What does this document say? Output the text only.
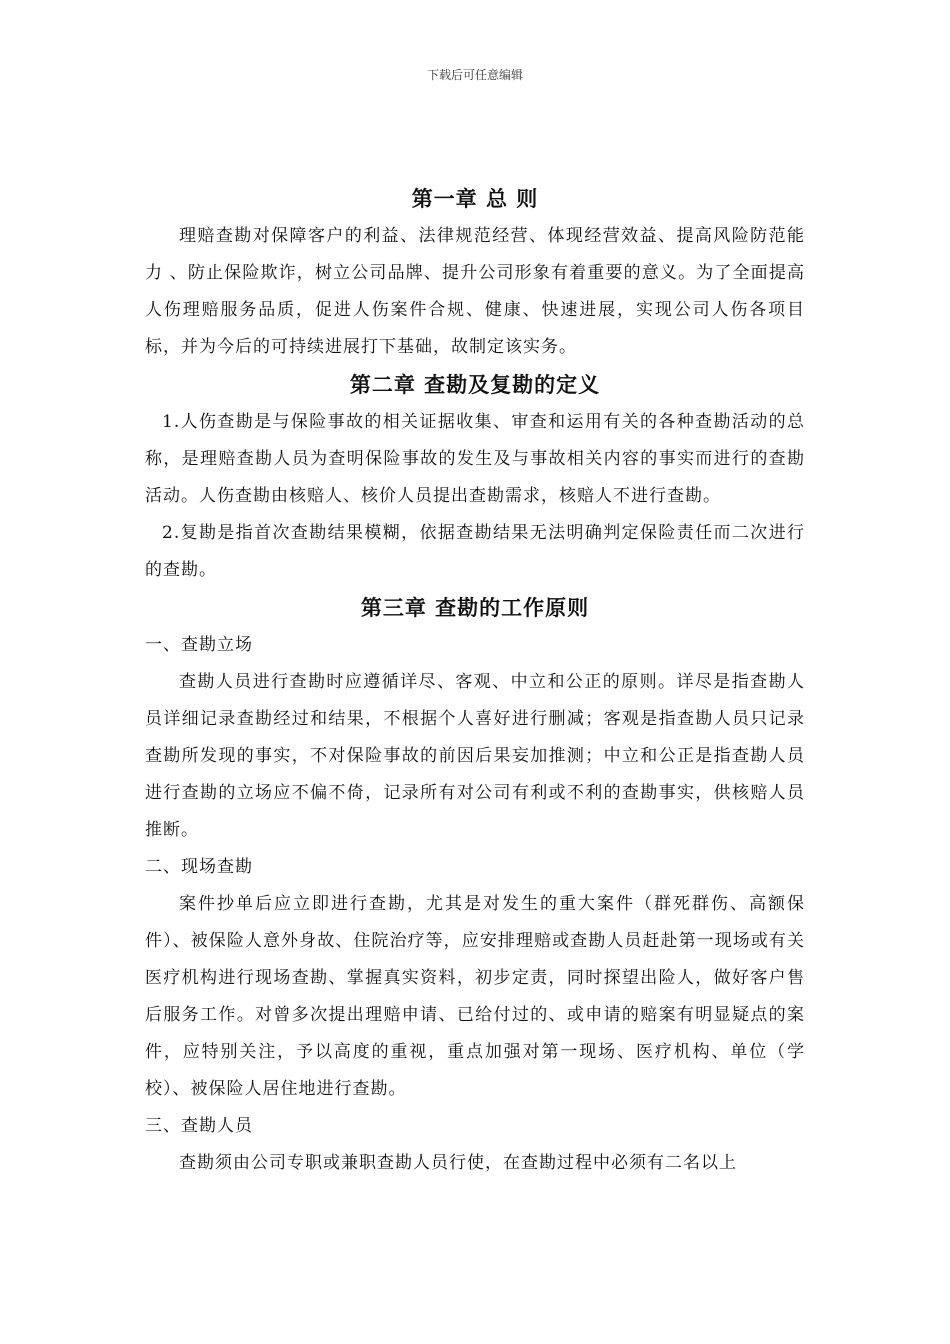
下载后可任意编辑
第一章 总 则

理赔查勘对保障客户的利益、法律规范经营、体现经营效益、提高风险防范能力 、防止保险欺诈，树立公司品牌、提升公司形象有着重要的意义。为了全面提高人伤理赔服务品质，促进人伤案件合规、健康、快速进展，实现公司人伤各项目标，并为今后的可持续进展打下基础，故制定该实务。

第二章 查勘及复勘的定义

1.人伤查勘是与保险事故的相关证据收集、审查和运用有关的各种查勘活动的总称，是理赔查勘人员为查明保险事故的发生及与事故相关内容的事实而进行的查勘活动。人伤查勘由核赔人、核价人员提出查勘需求，核赔人不进行查勘。

2.复勘是指首次查勘结果模糊，依据查勘结果无法明确判定保险责任而二次进行的查勘。

第三章 查勘的工作原则

一、查勘立场

查勘人员进行查勘时应遵循详尽、客观、中立和公正的原则。详尽是指查勘人员详细记录查勘经过和结果，不根据个人喜好进行删减；客观是指查勘人员只记录查勘所发现的事实，不对保险事故的前因后果妄加推测；中立和公正是指查勘人员进行查勘的立场应不偏不倚，记录所有对公司有利或不利的查勘事实，供核赔人员推断。

二、现场查勘

案件抄单后应立即进行查勘，尤其是对发生的重大案件（群死群伤、高额保件）、被保险人意外身故、住院治疗等，应安排理赔或查勘人员赶赴第一现场或有关医疗机构进行现场查勘、掌握真实资料，初步定责，同时探望出险人，做好客户售后服务工作。对曾多次提出理赔申请、已给付过的、或申请的赔案有明显疑点的案件，应特别关注，予以高度的重视，重点加强对第一现场、医疗机构、单位（学校）、被保险人居住地进行查勘。

三、查勘人员

查勘须由公司专职或兼职查勘人员行使，在查勘过程中必须有二名以上
